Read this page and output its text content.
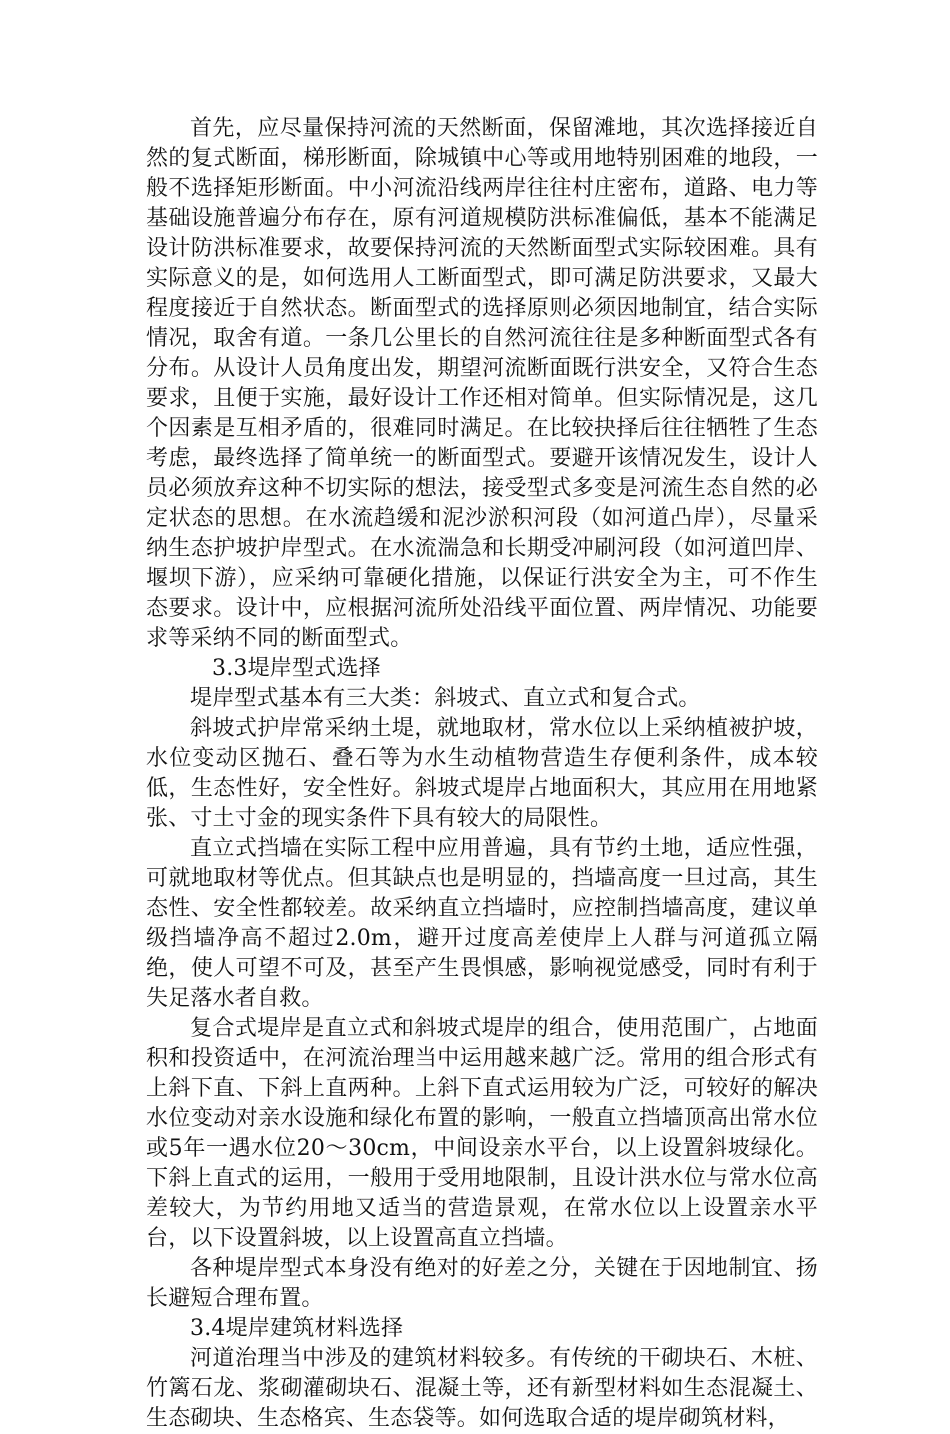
首先，应尽量保持河流的天然断面，保留滩地，其次选择接近自然的复式断面，梯形断面，除城镇中心等或用地特别困难的地段，一般不选择矩形断面。中小河流沿线两岸往往村庄密布，道路、电力等基础设施普遍分布存在，原有河道规模防洪标准偏低，基本不能满足设计防洪标准要求，故要保持河流的天然断面型式实际较困难。具有实际意义的是，如何选用人工断面型式，即可满足防洪要求，又最大程度接近于自然状态。断面型式的选择原则必须因地制宜，结合实际情况，取舍有道。一条几公里长的自然河流往往是多种断面型式各有分布。从设计人员角度出发，期望河流断面既行洪安全，又符合生态要求，且便于实施，最好设计工作还相对简单。但实际情况是，这几个因素是互相矛盾的，很难同时满足。在比较抉择后往往牺牲了生态考虑，最终选择了简单统一的断面型式。要避开该情况发生，设计人员必须放弃这种不切实际的想法，接受型式多变是河流生态自然的必定状态的思想。在水流趋缓和泥沙淤积河段（如河道凸岸），尽量采纳生态护坡护岸型式。在水流湍急和长期受冲刷河段（如河道凹岸、堰坝下游），应采纳可靠硬化措施，以保证行洪安全为主，可不作生态要求。设计中，应根据河流所处沿线平面位置、两岸情况、功能要求等采纳不同的断面型式。

3.3堤岸型式选择

堤岸型式基本有三大类：斜坡式、直立式和复合式。

斜坡式护岸常采纳土堤，就地取材，常水位以上采纳植被护坡，水位变动区抛石、叠石等为水生动植物营造生存便利条件，成本较低，生态性好，安全性好。斜坡式堤岸占地面积大，其应用在用地紧张、寸土寸金的现实条件下具有较大的局限性。

直立式挡墙在实际工程中应用普遍，具有节约土地，适应性强，可就地取材等优点。但其缺点也是明显的，挡墙高度一旦过高，其生态性、安全性都较差。故采纳直立挡墙时，应控制挡墙高度，建议单级挡墙净高不超过2.0m，避开过度高差使岸上人群与河道孤立隔绝，使人可望不可及，甚至产生畏惧感，影响视觉感受，同时有利于失足落水者自救。

复合式堤岸是直立式和斜坡式堤岸的组合，使用范围广，占地面积和投资适中，在河流治理当中运用越来越广泛。常用的组合形式有上斜下直、下斜上直两种。上斜下直式运用较为广泛，可较好的解决水位变动对亲水设施和绿化布置的影响，一般直立挡墙顶高出常水位或5年一遇水位20～30cm，中间设亲水平台，以上设置斜坡绿化。下斜上直式的运用，一般用于受用地限制，且设计洪水位与常水位高差较大，为节约用地又适当的营造景观，在常水位以上设置亲水平台，以下设置斜坡，以上设置高直立挡墙。

各种堤岸型式本身没有绝对的好差之分，关键在于因地制宜、扬长避短合理布置。

3.4堤岸建筑材料选择

河道治理当中涉及的建筑材料较多。有传统的干砌块石、木桩、竹篱石龙、浆砌灌砌块石、混凝土等，还有新型材料如生态混凝土、生态砌块、生态格宾、生态袋等。如何选取合适的堤岸砌筑材料，
